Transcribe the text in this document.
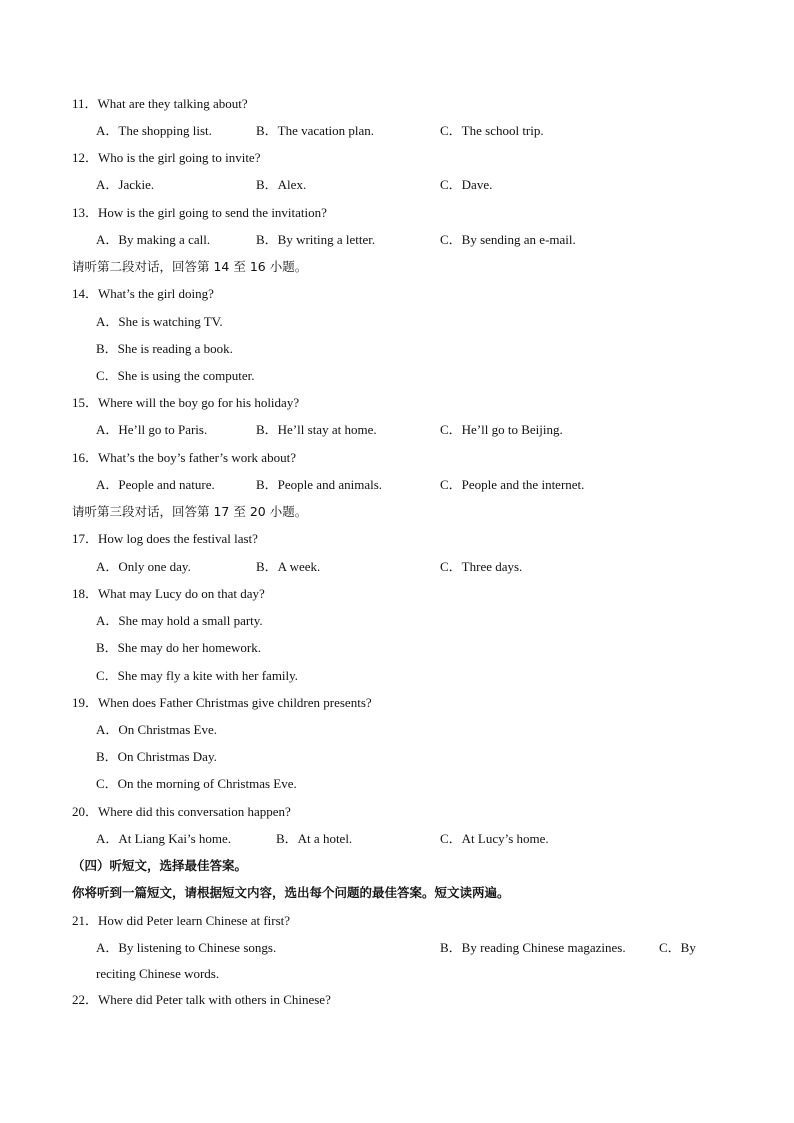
11．What are they talking about?
A．The shopping list.	B．The vacation plan.	C．The school trip.
12．Who is the girl going to invite?
A．Jackie.	B．Alex.	C．Dave.
13．How is the girl going to send the invitation?
A．By making a call.	B．By writing a letter.	C．By sending an e-mail.
请听第二段对话，回答第 14 至 16 小题。
14．What’s the girl doing?
A．She is watching TV.
B．She is reading a book.
C．She is using the computer.
15．Where will the boy go for his holiday?
A．He’ll go to Paris.	B．He’ll stay at home.	C．He’ll go to Beijing.
16．What’s the boy’s father’s work about?
A．People and nature.	B．People and animals.	C．People and the internet.
请听第三段对话，回答第 17 至 20 小题。
17．How log does the festival last?
A．Only one day.	B．A week.	C．Three days.
18．What may Lucy do on that day?
A．She may hold a small party.
B．She may do her homework.
C．She may fly a kite with her family.
19．When does Father Christmas give children presents?
A．On Christmas Eve.
B．On Christmas Day.
C．On the morning of Christmas Eve.
20．Where did this conversation happen?
A．At Liang Kai’s home.	B．At a hotel.	C．At Lucy’s home.
（四）听短文，选择最佳答案。
你将听到一篇短文，请根据短文内容，选出每个问题的最佳答案。短文读两遍。
21．How did Peter learn Chinese at first?
A．By listening to Chinese songs.	B．By reading Chinese magazines.	C．By
reciting Chinese words.
22．Where did Peter talk with others in Chinese?
